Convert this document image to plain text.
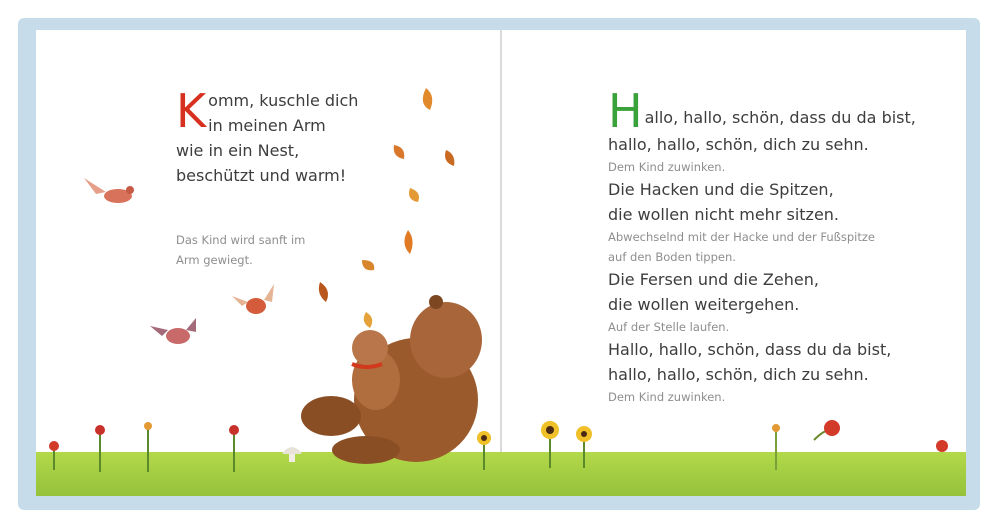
K omm, kuschle dich
in meinen Arm
wie in ein Nest,
beschützt und warm!
Das Kind wird sanft im
Arm gewiegt.
H allo, hallo, schön, dass du da bist,
hallo, hallo, schön, dich zu sehn.
Dem Kind zuwinken.
Die Hacken und die Spitzen,
die wollen nicht mehr sitzen.
Abwechselnd mit der Hacke und der Fußspitze
auf den Boden tippen.
Die Fersen und die Zehen,
die wollen weitergehen.
Auf der Stelle laufen.
Hallo, hallo, schön, dass du da bist,
hallo, hallo, schön, dich zu sehn.
Dem Kind zuwinken.
